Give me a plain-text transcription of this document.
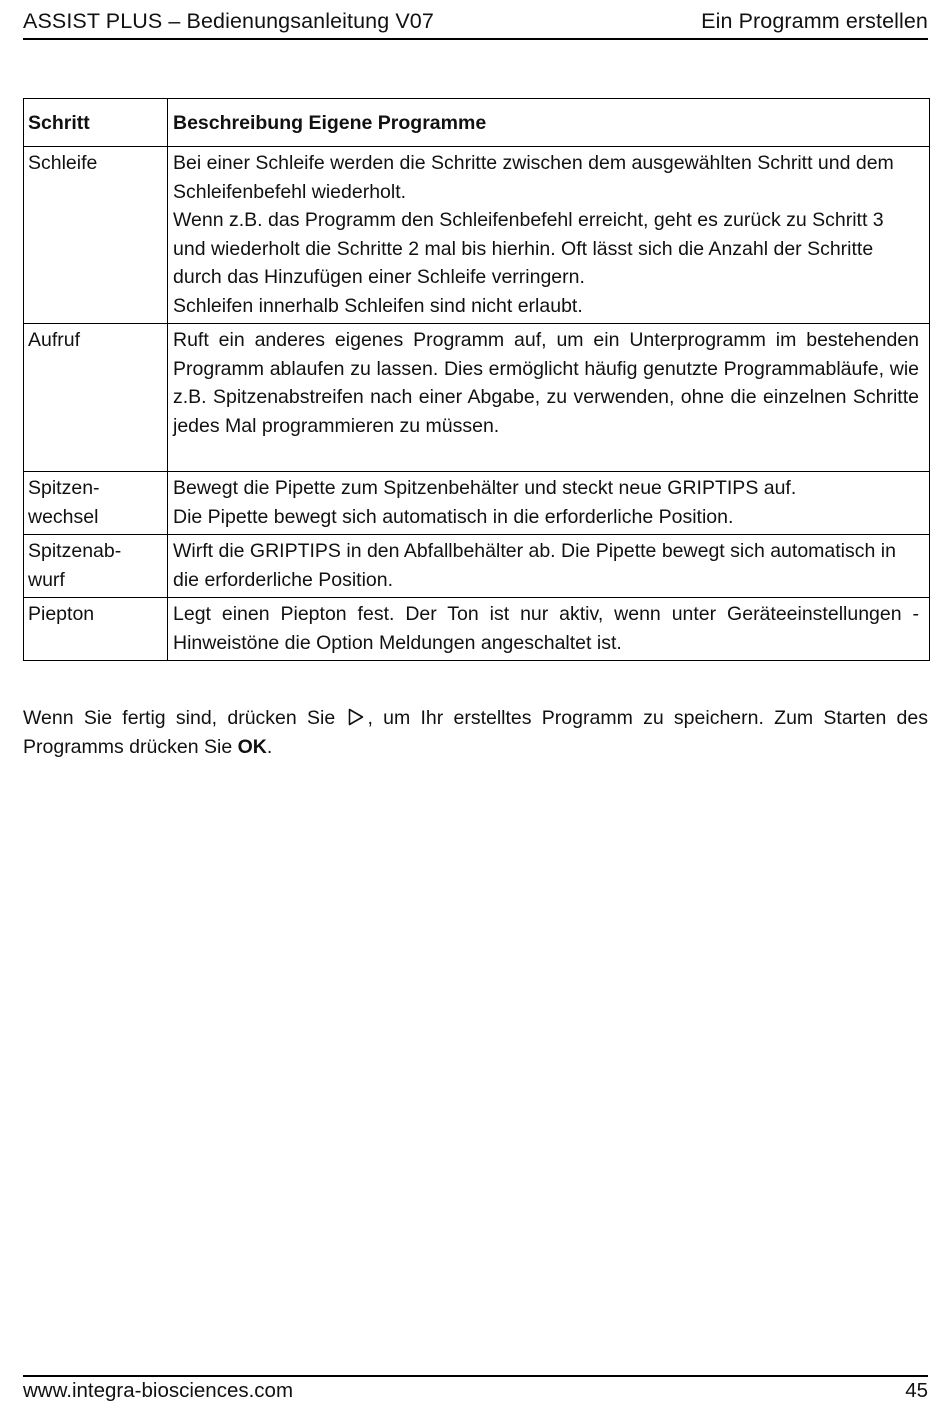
ASSIST PLUS – Bedienungsanleitung V07	Ein Programm erstellen
Schritt	Beschreibung Eigene Programme

Schleife	Bei einer Schleife werden die Schritte zwischen dem ausgewählten Schritt und dem Schleifenbefehl wiederholt.
Wenn z.B. das Programm den Schleifenbefehl erreicht, geht es zurück zu Schritt 3 und wiederholt die Schritte 2 mal bis hierhin. Oft lässt sich die Anzahl der Schritte durch das Hinzufügen einer Schleife verringern.
Schleifen innerhalb Schleifen sind nicht erlaubt.

Aufruf	Ruft ein anderes eigenes Programm auf, um ein Unterprogramm im bestehenden Programm ablaufen zu lassen. Dies ermöglicht häufig genutzte Programmabläufe, wie z.B. Spitzenabstreifen nach einer Abgabe, zu verwenden, ohne die einzelnen Schritte jedes Mal programmieren zu müssen.

Spitzen-
wechsel	Bewegt die Pipette zum Spitzenbehälter und steckt neue GRIPTIPS auf.
Die Pipette bewegt sich automatisch in die erforderliche Position.

Spitzenab-
wurf	Wirft die GRIPTIPS in den Abfallbehälter ab. Die Pipette bewegt sich automatisch in die erforderliche Position.

Piepton	Legt einen Piepton fest. Der Ton ist nur aktiv, wenn unter Geräteeinstellungen - Hinweistöne die Option Meldungen angeschaltet ist.
Wenn Sie fertig sind, drücken Sie , um Ihr erstelltes Programm zu speichern. Zum Starten des Programms drücken Sie OK.
www.integra-biosciences.com	45
